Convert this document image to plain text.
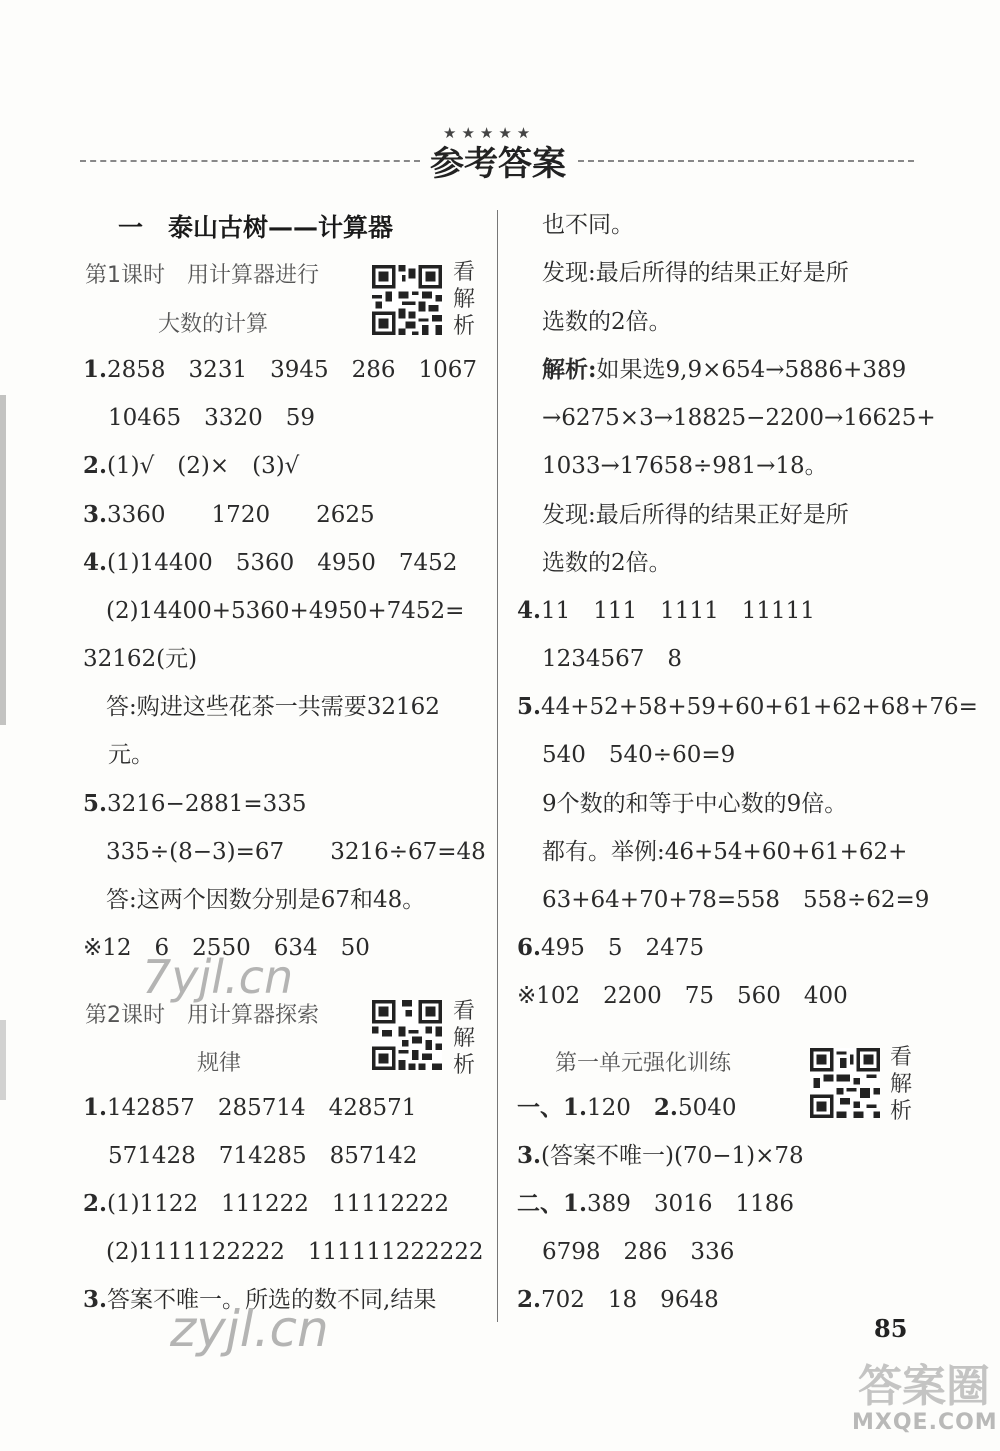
★★★★★
参考答案
一　泰山古树——计算器
第1课时　用计算器进行
大数的计算
看解析
1.2858　3231　3945　286　1067
10465　3320　59
2.(1)√　(2)×　(3)√
3.3360　　1720　　2625
4.(1)14400　5360　4950　7452
(2)14400+5360+4950+7452=
32162(元)
答:购进这些花茶一共需要32162
元。
5.3216−2881=335
335÷(8−3)=67　　3216÷67=48
答:这两个因数分别是67和48。
※12　6　2550　634　50
第2课时　用计算器探索
规律
看解析
1.142857　285714　428571
571428　714285　857142
2.(1)1122　111222　11112222
(2)1111122222　111111222222
3.答案不唯一。所选的数不同,结果
7yjl.cn
zyjl.cn
也不同。
发现:最后所得的结果正好是所
选数的2倍。
解析:如果选9,9×654→5886+389
→6275×3→18825−2200→16625+
1033→17658÷981→18。
发现:最后所得的结果正好是所
选数的2倍。
4.11　111　1111　11111
1234567　8
5.44+52+58+59+60+61+62+68+76=
540　540÷60=9
9个数的和等于中心数的9倍。
都有。举例:46+54+60+61+62+
63+64+70+78=558　558÷62=9
6.495　5　2475
※102　2200　75　560　400
第一单元强化训练	看解析
一、1.120　2.5040
3.(答案不唯一)(70−1)×78
二、1.389　3016　1186
6798　286　336
2.702　18　9648
85
答案圈
MXQE.COM
